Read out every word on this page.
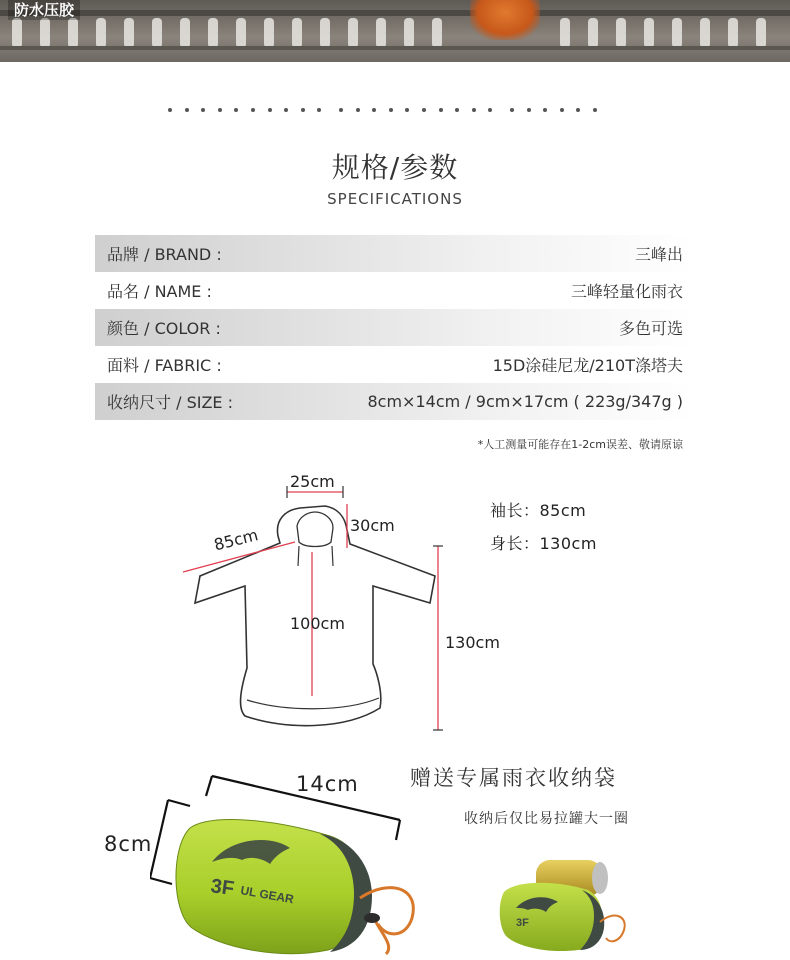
防水压胶

规格/参数
SPECIFICATIONS
品牌 / BRAND :	三峰出
品名 / NAME :	三峰轻量化雨衣
颜色 / COLOR :	多色可选
面料 / FABRIC :	15D涂硅尼龙/210T涤塔夫
收纳尺寸 / SIZE :	8cm×14cm / 9cm×17cm ( 223g/347g )
*人工测量可能存在1-2cm误差、敬请原谅
25cm
30cm
85cm
100cm
130cm
袖长：85cm
身长：130cm
赠送专属雨衣收纳袋
收纳后仅比易拉罐大一圈
3F UL GEAR
14cm
8cm
3F
